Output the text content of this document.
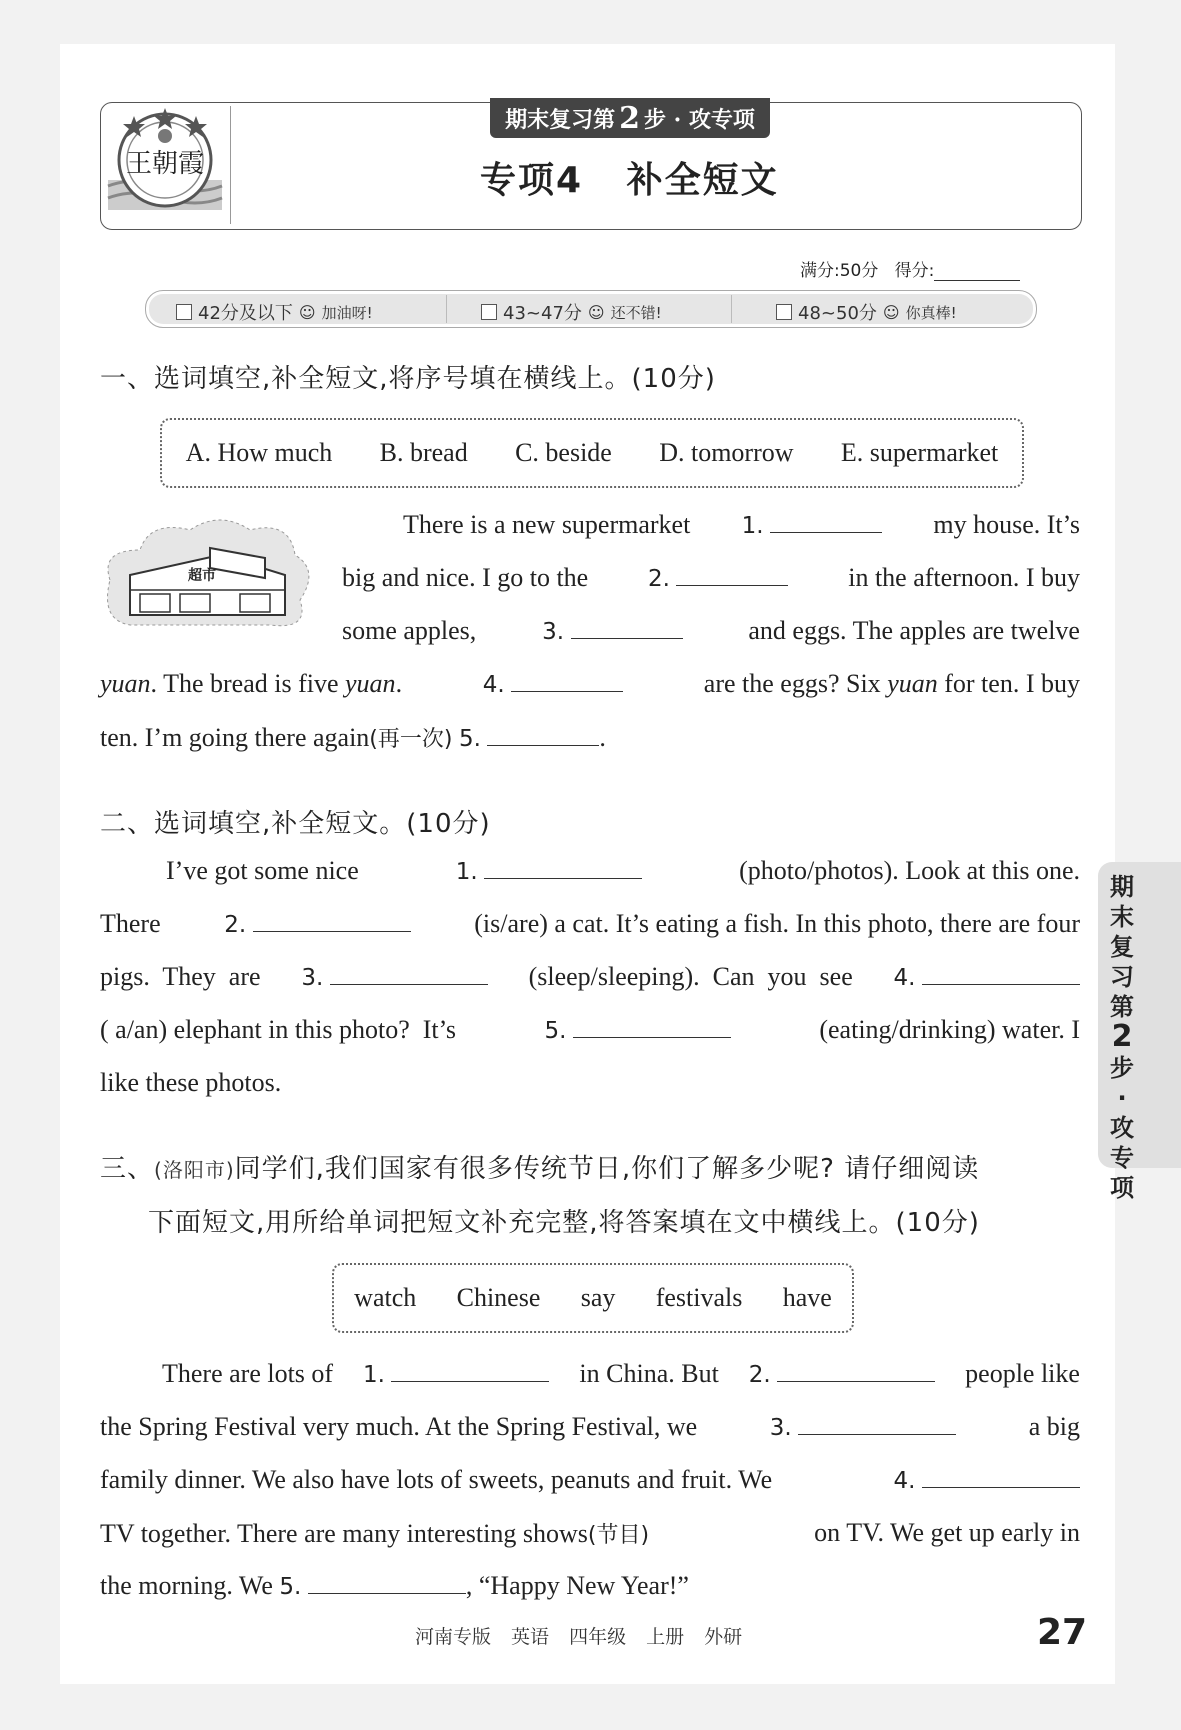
王朝霞
期末复习第 2 步 · 攻专项
专项4   补全短文
满分:50分 得分:
42分及以下 ☺ 加油呀!	43~47分 ☺ 还不错!	48~50分 ☺ 你真棒!
一、选词填空,补全短文,将序号填在横线上。(10分)
A. How much B. bread C. beside D. tomorrow E. supermarket
超市
There is a new supermarket 1.	my house. It’s
big and nice. I go to the	2.	in the afternoon. I buy
some apples,	3.	and eggs. The apples are twelve
yuan. The bread is five yuan.	4.	are the eggs? Six yuan for ten. I buy
ten. I’m going there again(再一次) 5.	.
二、选词填空,补全短文。(10分)
I’ve got some nice	1.	(photo/photos). Look at this one.
There	2.	(is/are) a cat. It’s eating a fish. In this photo, there are four
pigs.  They  are 3.	(sleep/sleeping).  Can  you  see 4.
( a/an) elephant in this photo?  It’s	5.	(eating/drinking) water. I
like these photos.
三、(洛阳市)同学们,我们国家有很多传统节日,你们了解多少呢? 请仔细阅读
下面短文,用所给单词把短文补充完整,将答案填在文中横线上。(10分)
watch Chinese say festivals have
There are lots of 1.	in China. But 2.	people like
the Spring Festival very much. At the Spring Festival, we	3.	a big
family dinner. We also have lots of sweets, peanuts and fruit. We	4.
TV together. There are many interesting shows(节目)	on TV. We get up early in
the morning. We 5.	, “Happy New Year!”
期末复习第2步·攻专项
河南专版 英语 四年级 上册 外研	27
